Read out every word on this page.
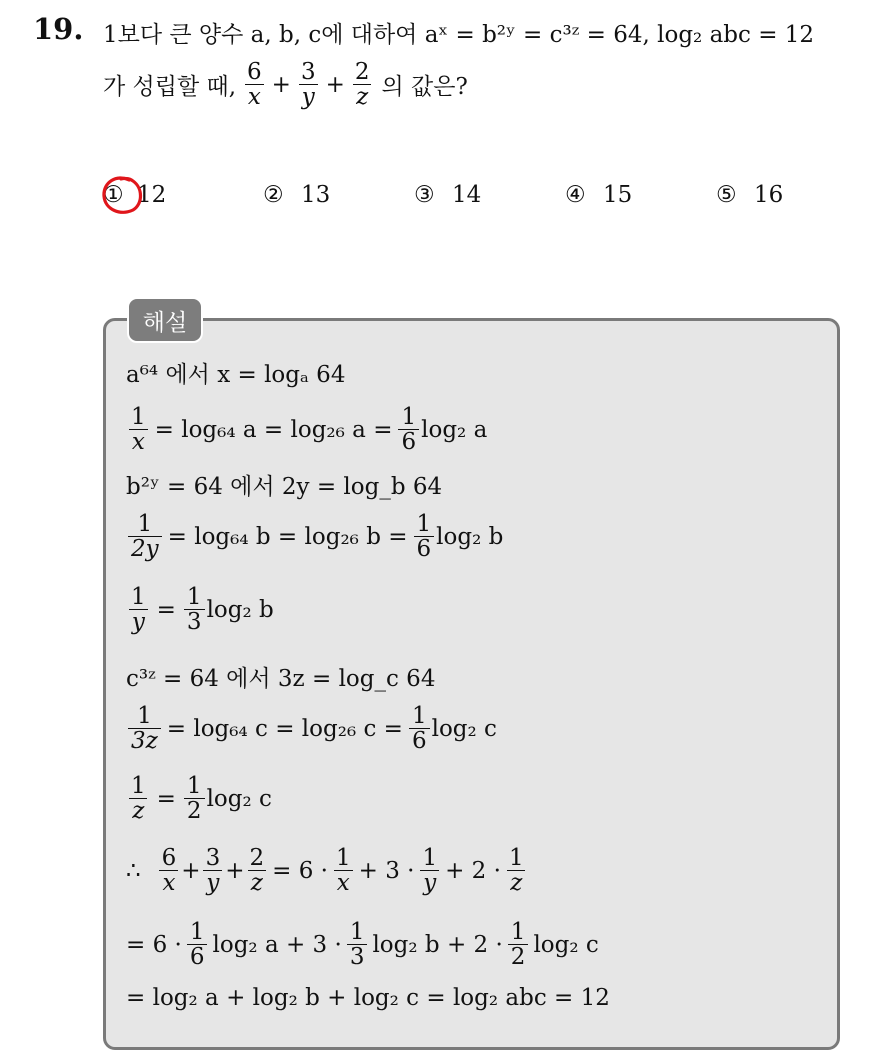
19. 1보다 큰 양수 a, b, c에 대하여 aˣ = b²ʸ = c³ᶻ = 64, log₂ abc = 12
가 성립할 때, $\frac{6}{x} + \frac{3}{y} + \frac{2}{z}$ 의 값은?
① 12	② 13	③ 14	④ 15	⑤ 16
해설
a⁶⁴ 에서 x = logₐ 64
$\frac{1}{x} = \log_{64}$ a = log₂₆ $a = \frac{1}{6} \log_2$ a
b²ʸ = 64 에서 2y = log_b 64
$\frac{1}{2y} = \log_{64}$ b = log₂₆ $b = \frac{1}{6} \log_2$ b
$\frac{1}{y} = \frac{1}{3} \log_2$ b
c³ᶻ = 64 에서 3z = log_c 64
$\frac{1}{3z} = \log_{64}$ c = log₂₆ $c = \frac{1}{6} \log_2$ c
$\frac{1}{z} = \frac{1}{2} \log_2$ c
∴ $\frac{6}{x} + \frac{3}{y} + \frac{2}{z} = 6 \cdot \frac{1}{x} + 3 \cdot \frac{1}{y} + 2 \cdot \frac{1}{z}$
= $6 \cdot \frac{1}{6} \log_2$ $a + 3 \cdot \frac{1}{3} \log_2$ $b + 2 \cdot \frac{1}{2} \log_2$ c
= log₂ a + log₂ b + log₂ c = log₂ abc = 12
